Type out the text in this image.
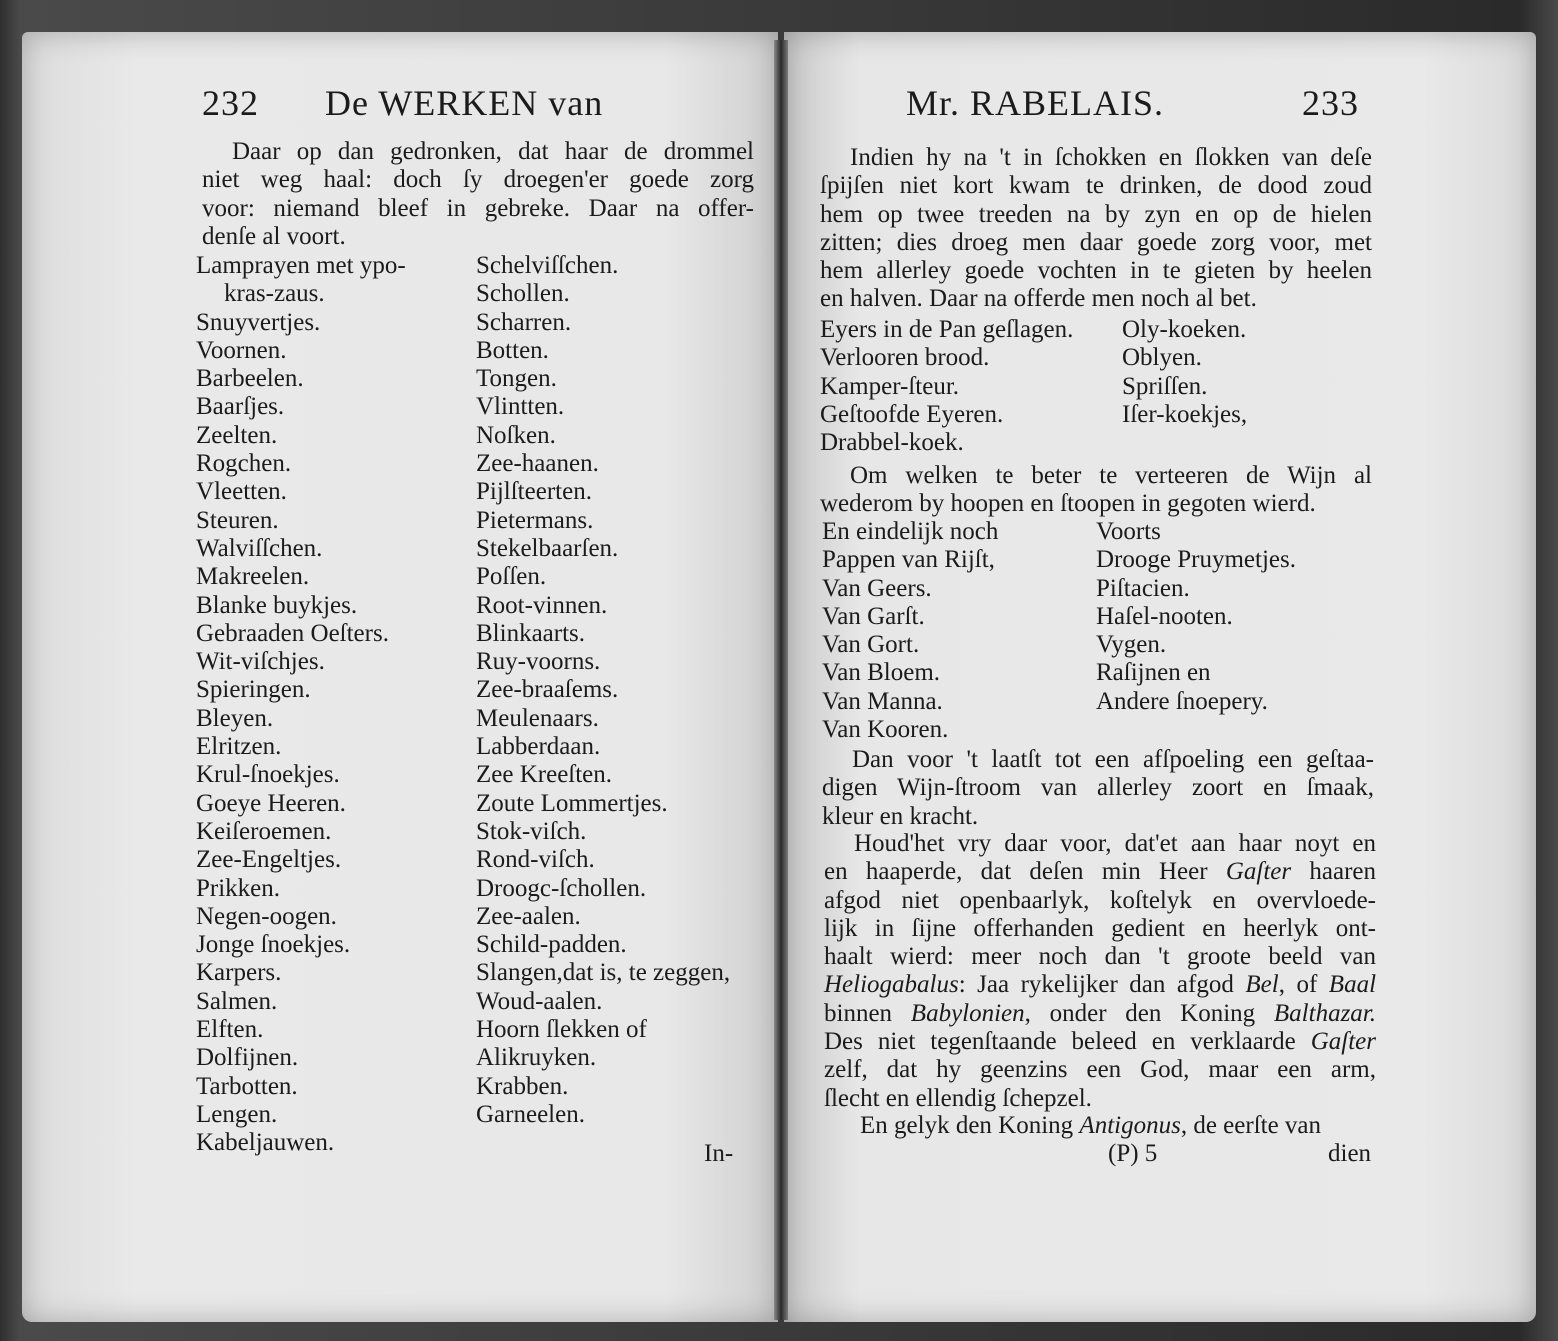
232 De WERKEN van
Daar op dan gedronken, dat haar de drommel
niet weg haal: doch ſy droegen'er goede zorg
voor: niemand bleef in gebreke. Daar na offer-
denſe al voort.
Lamprayen met ypo-
kras-zaus.
Snuyvertjes.
Voornen.
Barbeelen.
Baarſjes.
Zeelten.
Rogchen.
Vleetten.
Steuren.
Walviſſchen.
Makreelen.
Blanke buykjes.
Gebraaden Oeſters.
Wit-viſchjes.
Spieringen.
Bleyen.
Elritzen.
Krul-ſnoekjes.
Goeye Heeren.
Keiſeroemen.
Zee-Engeltjes.
Prikken.
Negen-oogen.
Jonge ſnoekjes.
Karpers.
Salmen.
Elften.
Dolfijnen.
Tarbotten.
Lengen.
Kabeljauwen.
Schelviſſchen.
Schollen.
Scharren.
Botten.
Tongen.
Vlintten.
Noſken.
Zee-haanen.
Pijlſteerten.
Pietermans.
Stekelbaarſen.
Poſſen.
Root-vinnen.
Blinkaarts.
Ruy-voorns.
Zee-braaſems.
Meulenaars.
Labberdaan.
Zee Kreeſten.
Zoute Lommertjes.
Stok-viſch.
Rond-viſch.
Droogc-ſchollen.
Zee-aalen.
Schild-padden.
Slangen,dat is, te zeggen,
Woud-aalen.
Hoorn ſlekken of
Alikruyken.
Krabben.
Garneelen.
In-
Mr. RABELAIS.	233
Indien hy na 't in ſchokken en ſlokken van deſe
ſpijſen niet kort kwam te drinken, de dood zoud
hem op twee treeden na by zyn en op de hielen
zitten; dies droeg men daar goede zorg voor, met
hem allerley goede vochten in te gieten by heelen
en halven. Daar na offerde men noch al bet.
Eyers in de Pan geſlagen.
Verlooren brood.
Kamper-ſteur.
Geſtoofde Eyeren.
Drabbel-koek.
Oly-koeken.
Oblyen.
Spriſſen.
Iſer-koekjes,
Om welken te beter te verteeren de Wijn al
wederom by hoopen en ſtoopen in gegoten wierd.
En eindelijk noch
Pappen van Rijſt,
Van Geers.
Van Garſt.
Van Gort.
Van Bloem.
Van Manna.
Van Kooren.
Voorts
Drooge Pruymetjes.
Piſtacien.
Haſel-nooten.
Vygen.
Raſijnen en
Andere ſnoepery.
Dan voor 't laatſt tot een afſpoeling een geſtaa-
digen Wijn-ſtroom van allerley zoort en ſmaak,
kleur en kracht.
Houd'het vry daar voor, dat'et aan haar noyt en
en haaperde, dat deſen min Heer Gaſter haaren
afgod niet openbaarlyk, koſtelyk en overvloede-
lijk in ſijne offerhanden gedient en heerlyk ont-
haalt wierd: meer noch dan 't groote beeld van
Heliogabalus: Jaa rykelijker dan afgod Bel, of Baal
binnen Babylonien, onder den Koning Balthazar.
Des niet tegenſtaande beleed en verklaarde Gaſter
zelf, dat hy geenzins een God, maar een arm,
ſlecht en ellendig ſchepzel.
En gelyk den Koning Antigonus, de eerſte van
(P) 5	dien
